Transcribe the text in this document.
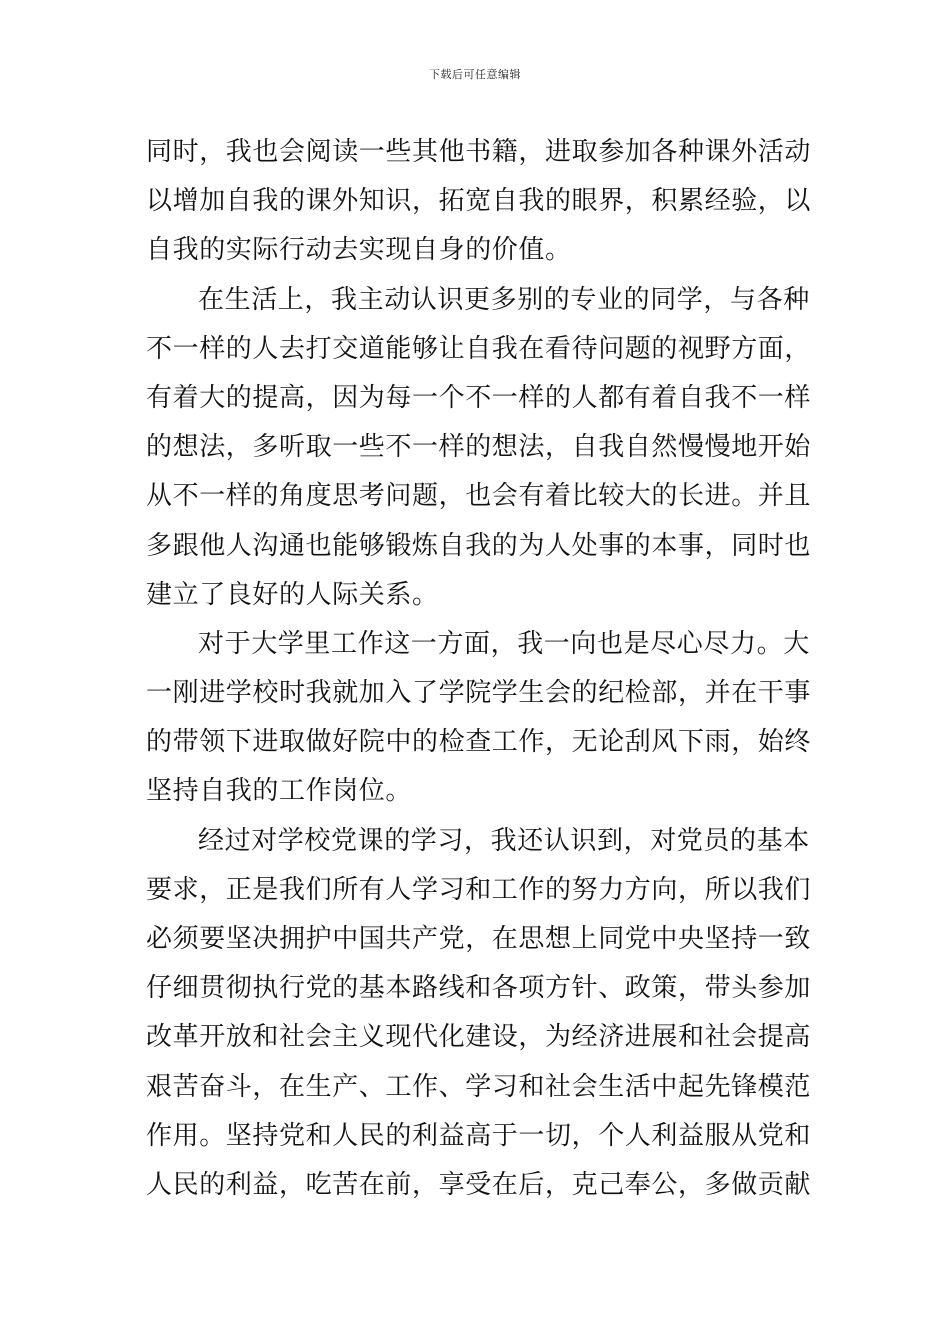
下载后可任意编辑
同时，我也会阅读一些其他书籍，进取参加各种课外活动
以增加自我的课外知识，拓宽自我的眼界，积累经验，以
自我的实际行动去实现自身的价值。
在生活上，我主动认识更多别的专业的同学，与各种
不一样的人去打交道能够让自我在看待问题的视野方面，
有着大的提高，因为每一个不一样的人都有着自我不一样
的想法，多听取一些不一样的想法，自我自然慢慢地开始
从不一样的角度思考问题，也会有着比较大的长进。并且
多跟他人沟通也能够锻炼自我的为人处事的本事，同时也
建立了良好的人际关系。
对于大学里工作这一方面，我一向也是尽心尽力。大
一刚进学校时我就加入了学院学生会的纪检部，并在干事
的带领下进取做好院中的检查工作，无论刮风下雨，始终
坚持自我的工作岗位。
经过对学校党课的学习，我还认识到，对党员的基本
要求，正是我们所有人学习和工作的努力方向，所以我们
必须要坚决拥护中国共产党，在思想上同党中央坚持一致
仔细贯彻执行党的基本路线和各项方针、政策，带头参加
改革开放和社会主义现代化建设，为经济进展和社会提高
艰苦奋斗，在生产、工作、学习和社会生活中起先锋模范
作用。坚持党和人民的利益高于一切，个人利益服从党和
人民的利益，吃苦在前，享受在后，克己奉公，多做贡献
